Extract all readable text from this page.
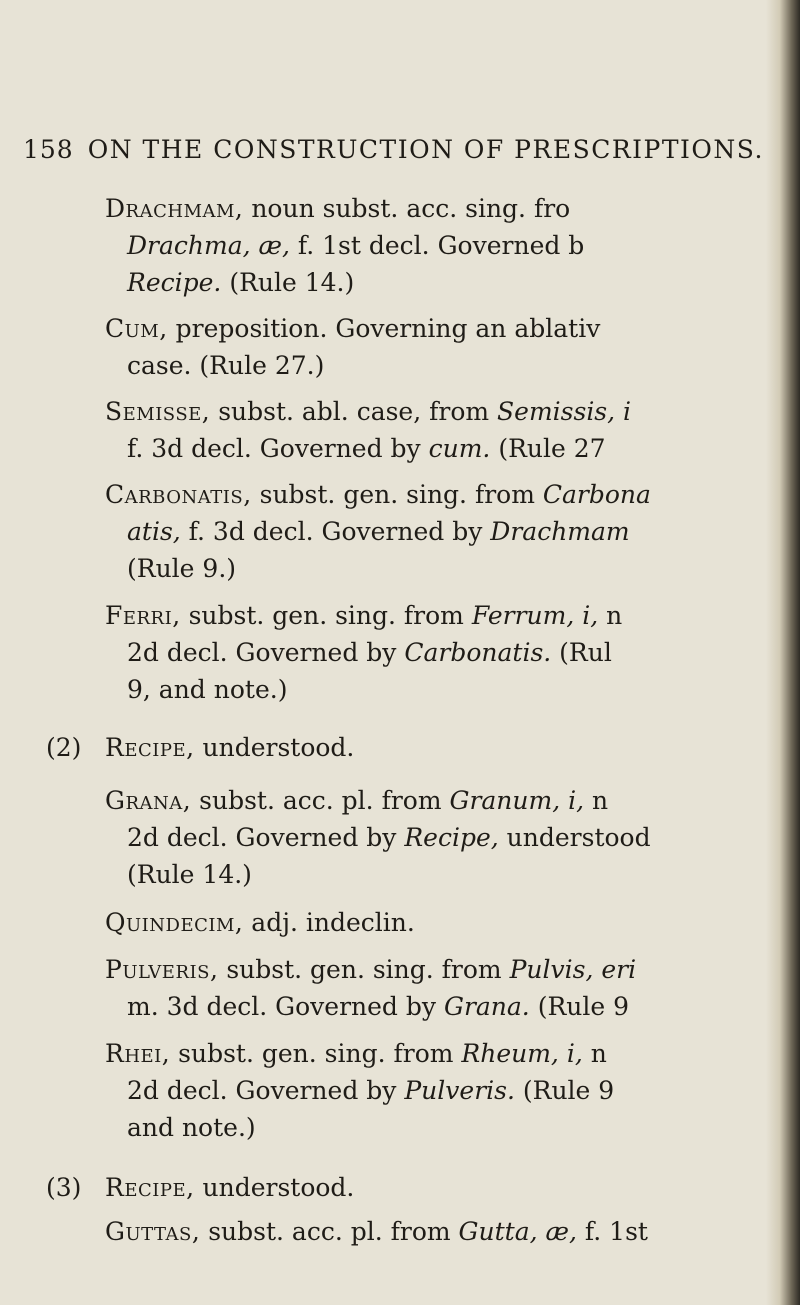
158 ON THE CONSTRUCTION OF PRESCRIPTIONS.
Drachmam, noun subst. acc. sing. fro
Drachma, æ, f. 1st decl. Governed b
Recipe. (Rule 14.)
Cum, preposition. Governing an ablativ
case. (Rule 27.)
Semisse, subst. abl. case, from Semissis, i
f. 3d decl. Governed by cum. (Rule 27
Carbonatis, subst. gen. sing. from Carbona
atis, f. 3d decl. Governed by Drachmam
(Rule 9.)
Ferri, subst. gen. sing. from Ferrum, i, n
2d decl. Governed by Carbonatis. (Rul
9, and note.)
(2) Recipe, understood.
Grana, subst. acc. pl. from Granum, i, n
2d decl. Governed by Recipe, understood
(Rule 14.)
Quindecim, adj. indeclin.
Pulveris, subst. gen. sing. from Pulvis, eri
m. 3d decl. Governed by Grana. (Rule 9
Rhei, subst. gen. sing. from Rheum, i, n
2d decl. Governed by Pulveris. (Rule 9
and note.)
(3) Recipe, understood.
Guttas, subst. acc. pl. from Gutta, æ, f. 1st
